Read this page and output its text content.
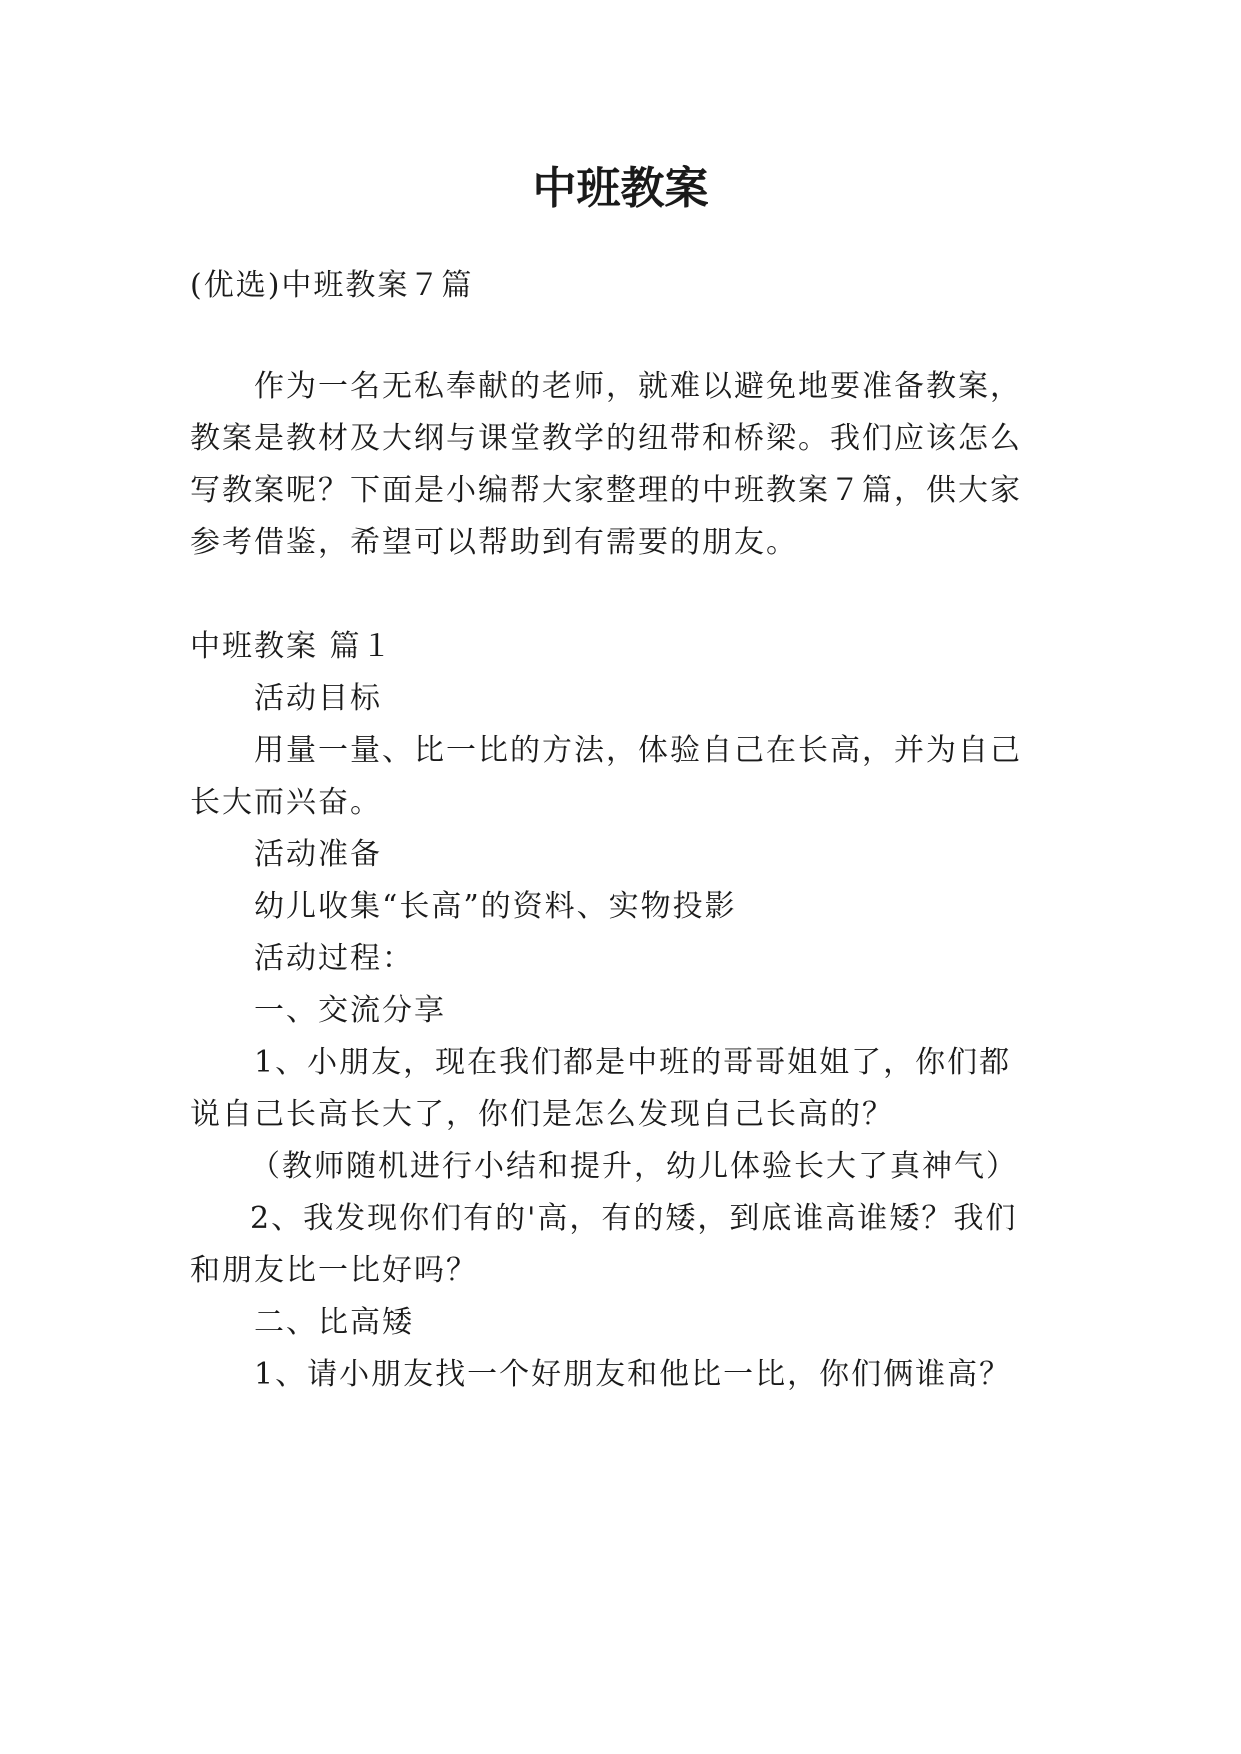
中班教案
(优选)中班教案７篇
作为一名无私奉献的老师，就难以避免地要准备教案，
教案是教材及大纲与课堂教学的纽带和桥梁。我们应该怎么
写教案呢？下面是小编帮大家整理的中班教案７篇，供大家
参考借鉴，希望可以帮助到有需要的朋友。
中班教案 篇１
活动目标
用量一量、比一比的方法，体验自己在长高，并为自己
长大而兴奋。
活动准备
幼儿收集“长高”的资料、实物投影
活动过程：
一、交流分享
1、小朋友，现在我们都是中班的哥哥姐姐了，你们都
说自己长高长大了，你们是怎么发现自己长高的？
（教师随机进行小结和提升，幼儿体验长大了真神气）
2、我发现你们有的'高，有的矮，到底谁高谁矮？我们
和朋友比一比好吗？
二、比高矮
1、请小朋友找一个好朋友和他比一比，你们俩谁高？
